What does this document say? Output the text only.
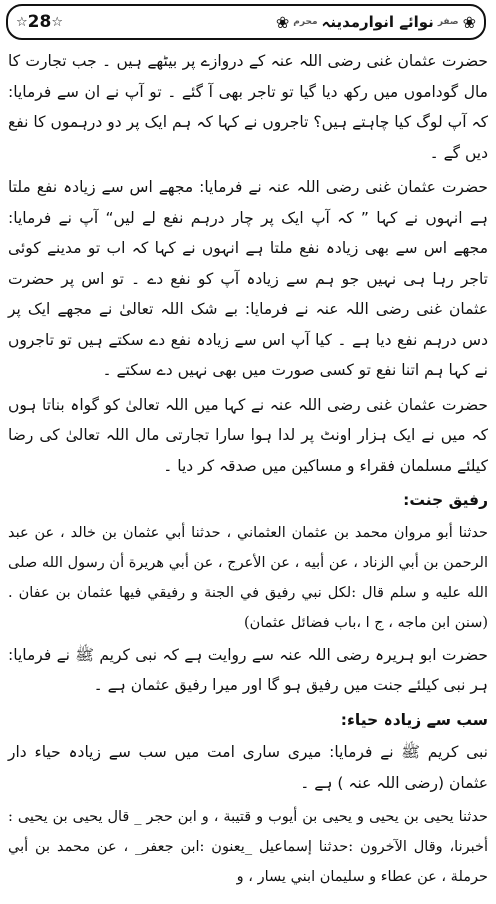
❀
صفر
نوائے انوارمدینہ
محرم
❀
☆ 28 ☆

حضرت عثمان غنی رضی اللہ عنہ کے دروازے پر بیٹھے ہیں ۔ جب تجارت کا مال گوداموں میں رکھ دیا گیا تو تاجر بھی آ گئے ۔ تو آپ نے ان سے فرمایا: کہ آپ لوگ کیا چاہتے ہیں؟ تاجروں نے کہا کہ ہم ایک پر دو درہموں کا نفع دیں گے ۔

حضرت عثمان غنی رضی اللہ عنہ نے فرمایا: مجھے اس سے زیادہ نفع ملتا ہے انہوں نے کہا ” کہ آپ ایک پر چار درہم نفع لے لیں“ آپ نے فرمایا: مجھے اس سے بھی زیادہ نفع ملتا ہے انہوں نے کہا کہ اب تو مدینے کوئی تاجر رہا ہی نہیں جو ہم سے زیادہ آپ کو نفع دے ۔ تو اس پر حضرت عثمان غنی رضی اللہ عنہ نے فرمایا: بے شک اللہ تعالیٰ نے مجھے ایک پر دس درہم نفع دیا ہے ۔ کیا آپ اس سے زیادہ نفع دے سکتے ہیں تو تاجروں نے کہا ہم اتنا نفع تو کسی صورت میں بھی نہیں دے سکتے ۔

حضرت عثمان غنی رضی اللہ عنہ نے کہا میں اللہ تعالیٰ کو گواہ بناتا ہوں کہ میں نے ایک ہزار اونٹ پر لدا ہوا سارا تجارتی مال اللہ تعالیٰ کی رضا کیلئے مسلمان فقراء و مساکین میں صدقہ کر دیا ۔

رفیق جنت:

حدثنا أبو مروان محمد بن عثمان العثماني ، حدثنا أبي عثمان بن خالد ، عن عبد الرحمن بن أبي الزناد ، عن أبيه ، عن الأعرج ، عن أبي هريرة أن رسول الله صلى الله عليه و سلم قال :لكل نبي رفيق في الجنة و رفيقي فيها عثمان بن عفان . (سنن ابن ماجه ، ج ا ،باب فضائل عثمان)

حضرت ابو ہریرہ رضی اللہ عنہ سے روایت ہے کہ نبی کریم ﷺ نے فرمایا: ہر نبی کیلئے جنت میں رفیق ہو گا اور میرا رفیق عثمان ہے ۔

سب سے زیادہ حیاء:

نبی کریم ﷺ نے فرمایا: میری ساری امت میں سب سے زیادہ حیاء دار عثمان (رضی اللہ عنہ ) ہے ۔

حدثنا يحيى بن يحيى و يحيى بن أيوب و قتيبة ، و ابن حجر _ قال يحيى بن يحيى : أخبرنا، وقال الآخرون :حدثنا إسماعيل _يعنون :ابن جعفر_ ، عن محمد بن أبي حرملة ، عن عطاء و سليمان ابني يسار ، و
